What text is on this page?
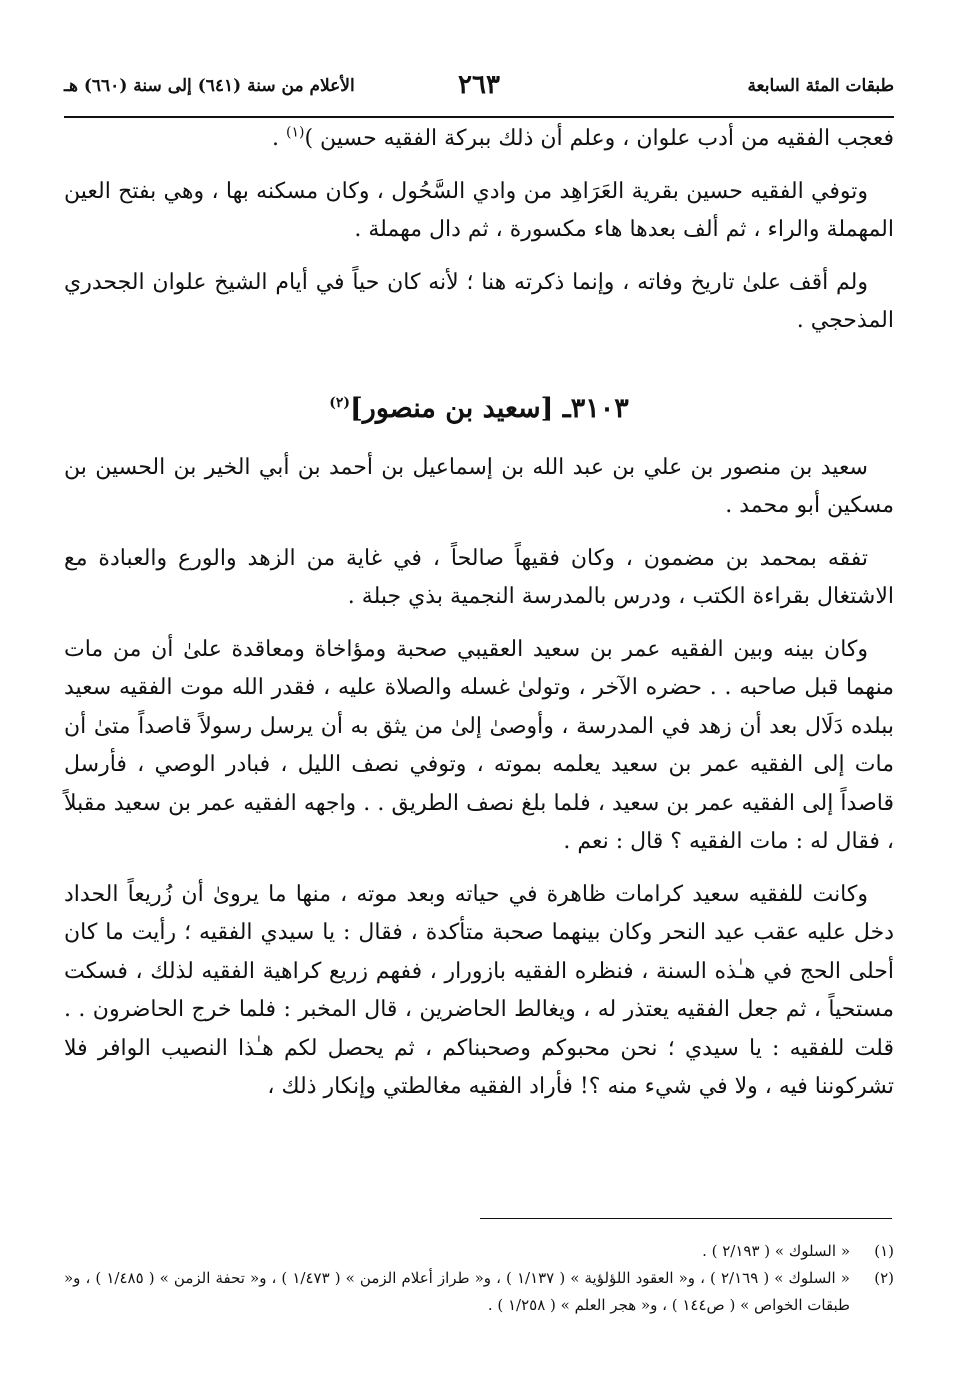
طبقات المئة السابعة
٢٦٣
الأعلام من سنة (٦٤١) إلى سنة (٦٦٠) هـ

فعجب الفقيه من أدب علوان ، وعلم أن ذلك ببركة الفقيه حسين )$^{(١)}$ .

وتوفي الفقيه حسين بقرية العَرَاهِد من وادي السَّحُول ، وكان مسكنه بها ، وهي بفتح العين المهملة والراء ، ثم ألف بعدها هاء مكسورة ، ثم دال مهملة .

ولم أقف علىٰ تاريخ وفاته ، وإنما ذكرته هنا ؛ لأنه كان حياً في أيام الشيخ علوان الجحدري المذحجي .

٣١٠٣ـ [سعيد بن منصور]$^{(٢)}$

سعيد بن منصور بن علي بن عبد الله بن إسماعيل بن أحمد بن أبي الخير بن الحسين بن مسكين أبو محمد .

تفقه بمحمد بن مضمون ، وكان فقيهاً صالحاً ، في غاية من الزهد والورع والعبادة مع الاشتغال بقراءة الكتب ، ودرس بالمدرسة النجمية بذي جبلة .

وكان بينه وبين الفقيه عمر بن سعيد العقيبي صحبة ومؤاخاة ومعاقدة علىٰ أن من مات منهما قبل صاحبه . . حضره الآخر ، وتولىٰ غسله والصلاة عليه ، فقدر الله موت الفقيه سعيد ببلده دَلَال بعد أن زهد في المدرسة ، وأوصىٰ إلىٰ من يثق به أن يرسل رسولاً قاصداً متىٰ أن مات إلى الفقيه عمر بن سعيد يعلمه بموته ، وتوفي نصف الليل ، فبادر الوصي ، فأرسل قاصداً إلى الفقيه عمر بن سعيد ، فلما بلغ نصف الطريق . . واجهه الفقيه عمر بن سعيد مقبلاً ، فقال له : مات الفقيه ؟ قال : نعم .

وكانت للفقيه سعيد كرامات ظاهرة في حياته وبعد موته ، منها ما يروىٰ أن زُريعاً الحداد دخل عليه عقب عيد النحر وكان بينهما صحبة متأكدة ، فقال : يا سيدي الفقيه ؛ رأيت ما كان أحلى الحج في هـٰذه السنة ، فنظره الفقيه بازورار ، ففهم زريع كراهية الفقيه لذلك ، فسكت مستحياً ، ثم جعل الفقيه يعتذر له ، ويغالط الحاضرين ، قال المخبر : فلما خرج الحاضرون . . قلت للفقيه : يا سيدي ؛ نحن محبوكم وصحبناكم ، ثم يحصل لكم هـٰذا النصيب الوافر فلا تشركوننا فيه ، ولا في شيء منه ؟! فأراد الفقيه مغالطتي وإنكار ذلك ،

(١)
« السلوك » ( ٢/١٩٣ ) .
(٢)
« السلوك » ( ٢/١٦٩ ) ، و« العقود اللؤلؤية » ( ١/١٣٧ ) ، و« طراز أعلام الزمن » ( ١/٤٧٣ ) ، و« تحفة الزمن » ( ١/٤٨٥ ) ، و« طبقات الخواص » ( ص١٤٤ ) ، و« هجر العلم » ( ١/٢٥٨ ) .
